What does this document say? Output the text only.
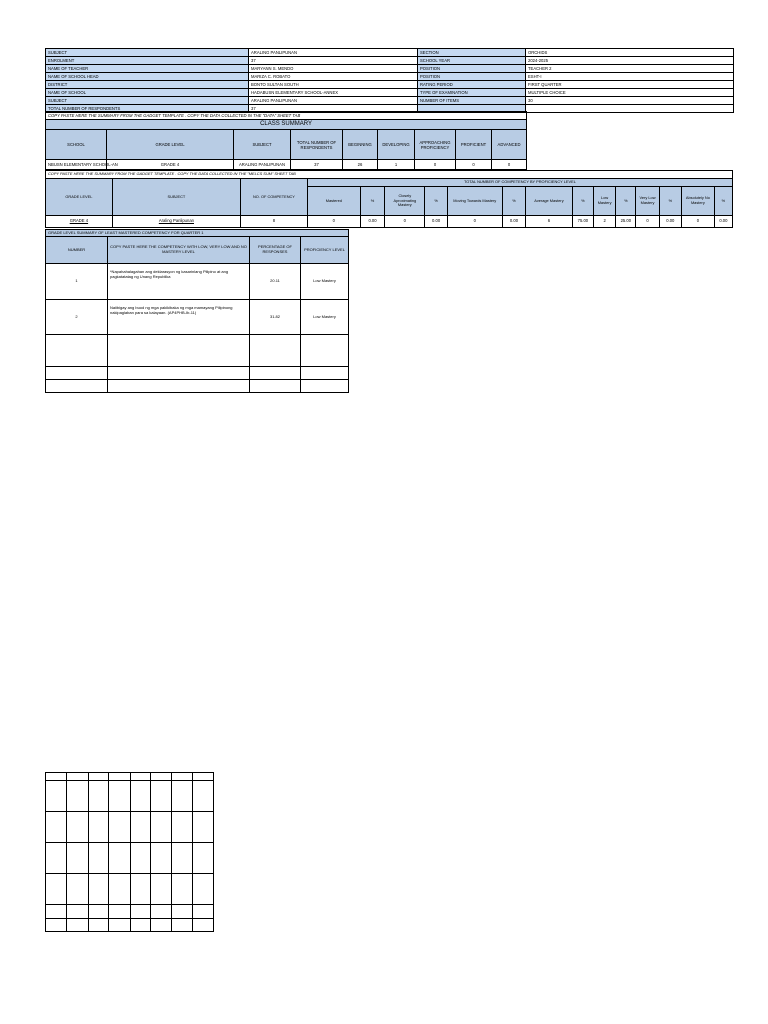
SUBJECT	ARALING PANLIPUNAN	SECTION	ORCHIDS
ENROLMENT	37	SCHOOL YEAR	2024-2025
NAME OF TEACHER	MARYANN S. MENDO	POSITION	TEACHER 2
NAME OF SCHOOL HEAD	MARIZA C. ROBATO	POSITION	ESHT-I
DISTRICT	BONTO SULTAN SOUTH	RATING PERIOD	FIRST QUARTER
NAME OF SCHOOL	HADABUSN ELEMENTARY SCHOOL-ANNEX	TYPE OF EXAMINATION	MULTIPLE CHOICE
SUBJECT	ARALING PANLIPUNAN	NUMBER OF ITEMS	30
TOTAL NUMBER OF RESPONDENTS	37		
COPY PASTE HERE THE SUMMARY FROM THE GADGET TEMPLATE . COPY THE DATA COLLECTED IN THE "DATA" SHEET TAB								
CLASS SUMMARY								
SCHOOL	GRADE LEVEL	SUBJECT	TOTAL NUMBER OF RESPONDENTS	BEGINNING	DEVELOPING	APPROACHING PROFICIENCY	PROFICIENT	ADVANCED
NBUSN ELEMENTARY SCHOOL-AN	GRADE 4	ARALING PANLIPUNAN	37	26	1	0	0	0
COPY PASTE HERE THE SUMMARY FROM THE GADGET TEMPLATE . COPY THE DATA COLLECTED IN THE "MELCS SUM" SHEET TAB																
GRADE LEVEL	SUBJECT	NO. OF COMPETENCY	TOTAL NUMBER OF COMPETENCY BY PROFICIENCY LEVEL													
			Mastered	%	Closely Aproximating Mastery	%	Moving Towards Mastery	%	Average Mastery	%	Low Mastery	%	Very Low Mastery	%	Absolutely No Mastery	%
GRADE 4	Araling Panlipunan	8	0	0.00	0	0.00	0	0.00	6	75.00	2	25.00	0	0.00	0	0.00
GRADE LEVEL SUMMARY OF LEAST MASTERED COMPETENCY FOR QUARTER 1			
NUMBER	COPY PASTE HERE THE COMPETENCY WITH LOW, VERY LOW AND NO MASTERY LEVEL	PERCENTAGE OF RESPONSES	PROFICIENCY LEVEL
1	*Napahahalagahan ang deklarasyon ng kasarinlang Pilipino at ang pagkatatatag ng Unang Republika	20.11	Low Mastery
2	Naiibigay ang buod ng mga pakikibaka ng mga mamayang Pilipinong nakipaglaban para sa kalayaan. (AP4PHB-Ib-11)	31.82	Low Mastery
